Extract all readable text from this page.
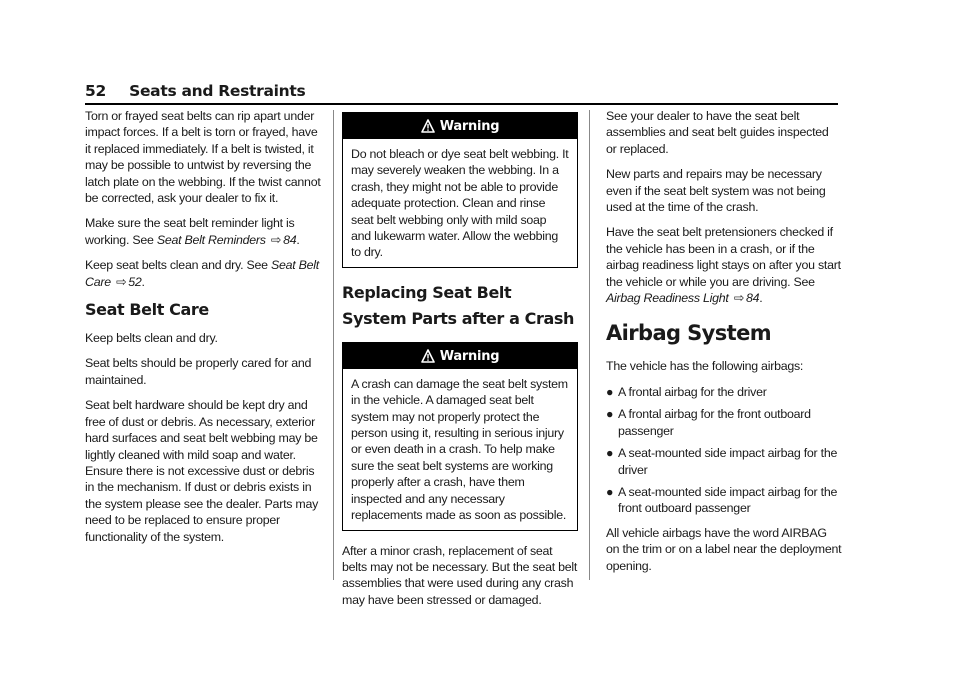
52 Seats and Restraints

Torn or frayed seat belts can rip apart under impact forces. If a belt is torn or frayed, have it replaced immediately. If a belt is twisted, it may be possible to untwist by reversing the latch plate on the webbing. If the twist cannot be corrected, ask your dealer to fix it.

Make sure the seat belt reminder light is working. See Seat Belt Reminders ⇨ 84.

Keep seat belts clean and dry. See Seat Belt Care ⇨ 52.

Seat Belt Care

Keep belts clean and dry.

Seat belts should be properly cared for and maintained.

Seat belt hardware should be kept dry and free of dust or debris. As necessary, exterior hard surfaces and seat belt webbing may be lightly cleaned with mild soap and water. Ensure there is not excessive dust or debris in the mechanism. If dust or debris exists in the system please see the dealer. Parts may need to be replaced to ensure proper functionality of the system.

Warning
Do not bleach or dye seat belt webbing. It may severely weaken the webbing. In a crash, they might not be able to provide adequate protection. Clean and rinse seat belt webbing only with mild soap and lukewarm water. Allow the webbing to dry.
Replacing Seat Belt System Parts after a Crash
Warning
A crash can damage the seat belt system in the vehicle. A damaged seat belt system may not properly protect the person using it, resulting in serious injury or even death in a crash. To help make sure the seat belt systems are working properly after a crash, have them inspected and any necessary replacements made as soon as possible.

After a minor crash, replacement of seat belts may not be necessary. But the seat belt assemblies that were used during any crash may have been stressed or damaged.

See your dealer to have the seat belt assemblies and seat belt guides inspected or replaced.

New parts and repairs may be necessary even if the seat belt system was not being used at the time of the crash.

Have the seat belt pretensioners checked if the vehicle has been in a crash, or if the airbag readiness light stays on after you start the vehicle or while you are driving. See Airbag Readiness Light ⇨ 84.

Airbag System

The vehicle has the following airbags:

● A frontal airbag for the driver
● A frontal airbag for the front outboard passenger
● A seat-mounted side impact airbag for the driver
● A seat-mounted side impact airbag for the front outboard passenger

All vehicle airbags have the word AIRBAG on the trim or on a label near the deployment opening.
